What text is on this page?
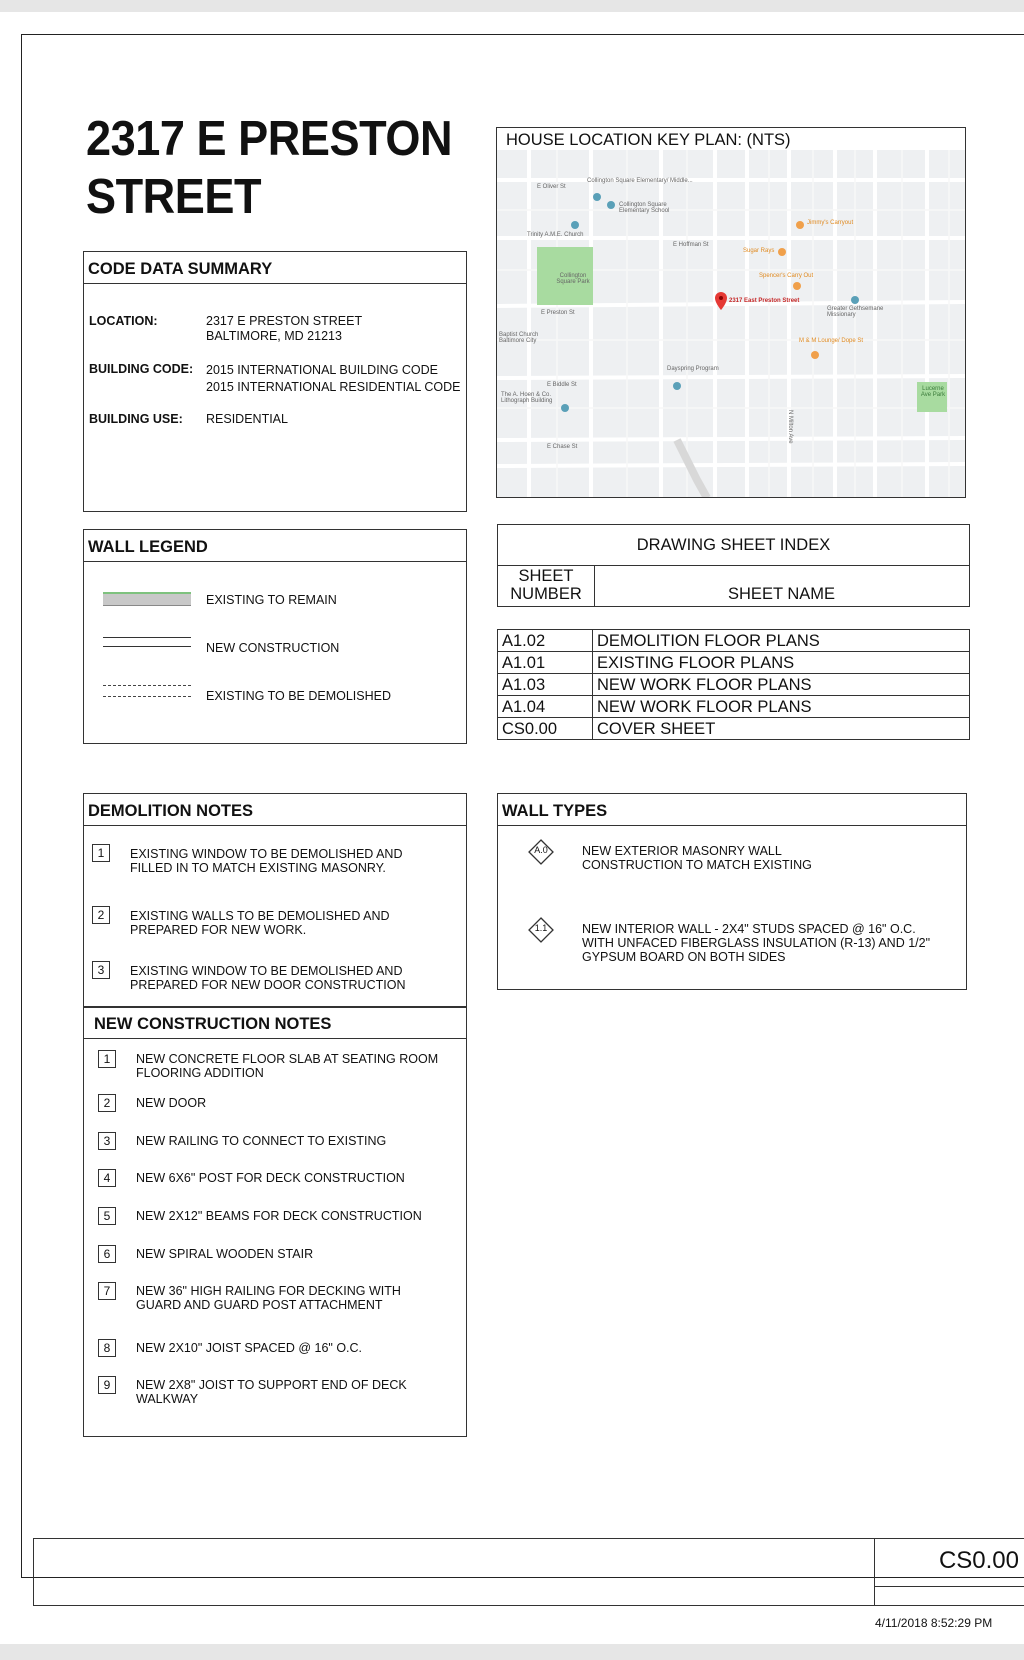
2317 E PRESTON
STREET
CODE DATA SUMMARY
LOCATION:	2317 E PRESTON STREET
BALTIMORE, MD 21213
BUILDING CODE: 2015 INTERNATIONAL BUILDING CODE
2015 INTERNATIONAL RESIDENTIAL CODE
BUILDING USE: RESIDENTIAL
HOUSE LOCATION KEY PLAN: (NTS)
Collington Square Elementary/ Middle...
Collington Square Elementary School
Trinity A.M.E. Church
Collington Square Park
Jimmy's Carryout
Sugar Rays
Spencer's Carry Out
2317 East Preston Street
Greater Gethsemane Missionary
Baptist Church Baltimore City	M & M Lounge/ Dope St
Dayspring Program
The A. Hoen & Co. Lithograph Building
Lucerne Ave Park
E Preston St
E Biddle St
E Chase St
E Oliver St
E Hoffman St
N Milton Ave
WALL LEGEND
EXISTING TO REMAIN
NEW CONSTRUCTION
EXISTING TO BE DEMOLISHED
DRAWING SHEET INDEX
SHEET
NUMBER	SHEET NAME
A1.02	DEMOLITION FLOOR PLANS
A1.01	EXISTING FLOOR PLANS
A1.03	NEW WORK FLOOR PLANS
A1.04	NEW WORK FLOOR PLANS
CS0.00	COVER SHEET
DEMOLITION NOTES
1	EXISTING WINDOW TO BE DEMOLISHED AND
FILLED IN TO MATCH EXISTING MASONRY.
2	EXISTING WALLS TO BE DEMOLISHED AND
PREPARED FOR NEW WORK.
3	EXISTING WINDOW TO BE DEMOLISHED AND
PREPARED FOR NEW DOOR CONSTRUCTION
WALL TYPES
A.0	NEW EXTERIOR MASONRY WALL
CONSTRUCTION TO MATCH EXISTING
1.1	NEW INTERIOR WALL - 2X4" STUDS SPACED @ 16" O.C.
WITH UNFACED FIBERGLASS INSULATION (R-13) AND 1/2"
GYPSUM BOARD ON BOTH SIDES
NEW CONSTRUCTION NOTES
1	NEW CONCRETE FLOOR SLAB AT SEATING ROOM
FLOORING ADDITION
2	NEW DOOR
3	NEW RAILING TO CONNECT TO EXISTING
4	NEW 6X6" POST FOR DECK CONSTRUCTION
5	NEW 2X12" BEAMS FOR DECK CONSTRUCTION
6	NEW SPIRAL WOODEN STAIR
7	NEW 36" HIGH RAILING FOR DECKING WITH
GUARD AND GUARD POST ATTACHMENT
8	NEW 2X10" JOIST SPACED @ 16" O.C.
9	NEW 2X8" JOIST TO SUPPORT END OF DECK
WALKWAY
CS0.00
4/11/2018 8:52:29 PM
